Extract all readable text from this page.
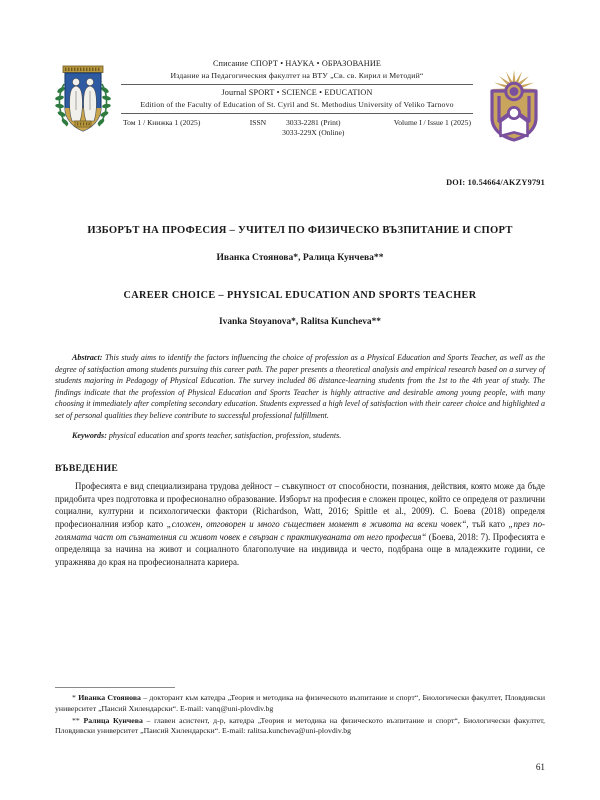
Списание СПОРТ • НАУКА • ОБРАЗОВАНИЕ
Издание на Педагогическия факултет на ВТУ „Св. св. Кирил и Методий“
Journal SPORT • SCIENCE • EDUCATION
Edition of the Faculty of Education of St. Cyril and St. Methodius University of Veliko Tarnovo
Том 1 / Книжка 1 (2025)	ISSN	3033-2281 (Print)
3033-229X (Online)
Volume I / Issue 1 (2025)
DOI: 10.54664/AKZY9791
ИЗБОРЪТ НА ПРОФЕСИЯ – УЧИТЕЛ ПО ФИЗИЧЕСКО ВЪЗПИТАНИЕ И СПОРТ
Иванка Стоянова*, Ралица Кунчева**
CAREER CHOICE – PHYSICAL EDUCATION AND SPORTS TEACHER
Ivanka Stoyanova*, Ralitsa Kuncheva**
Abstract: This study aims to identify the factors influencing the choice of profession as a Physical Education and Sports Teacher, as well as the degree of satisfaction among students pursuing this career path. The paper presents a theoretical analysis and empirical research based on a survey of students majoring in Pedagogy of Physical Education. The survey included 86 distance-learning students from the 1st to the 4th year of study. The findings indicate that the profession of Physical Education and Sports Teacher is highly attractive and desirable among young people, with many choosing it immediately after completing secondary education. Students expressed a high level of satisfaction with their career choice and highlighted a set of personal qualities they believe contribute to successful professional fulfillment.
Keywords: physical education and sports teacher, satisfaction, profession, students.
ВЪВЕДЕНИЕ
Професията е вид специализирана трудова дейност – съвкупност от способности, познания, действия, която може да бъде придобита чрез подготовка и професионално образование. Изборът на професия е сложен процес, който се определя от различни социални, културни и психологически фактори (Richardson, Watt, 2016; Spittle et al., 2009). С. Боева (2018) определя професионалния избор като „сложен, отговорен и много съществен момент в живота на всеки човек“, тъй като „през по-голямата част от съзнателния си живот човек е свързан с практикуваната от него професия“ (Боева, 2018: 7). Професията е определяща за начина на живот и социалното благополучие на индивида и често, подбрана още в младежките години, се упражнява до края на професионалната кариера.
* Иванка Стоянова – докторант към катедра „Теория и методика на физическото възпитание и спорт“, Биологически факултет, Пловдивски университет „Паисий Хилендарски“. E-mail: vanq@uni-plovdiv.bg
** Ралица Кунчева – главен асистент, д-р, катедра „Теория и методика на физическото възпитание и спорт“, Биологически факултет, Пловдивски университет „Паисий Хилендарски“. E-mail: ralitsa.kuncheva@uni-plovdiv.bg
61
